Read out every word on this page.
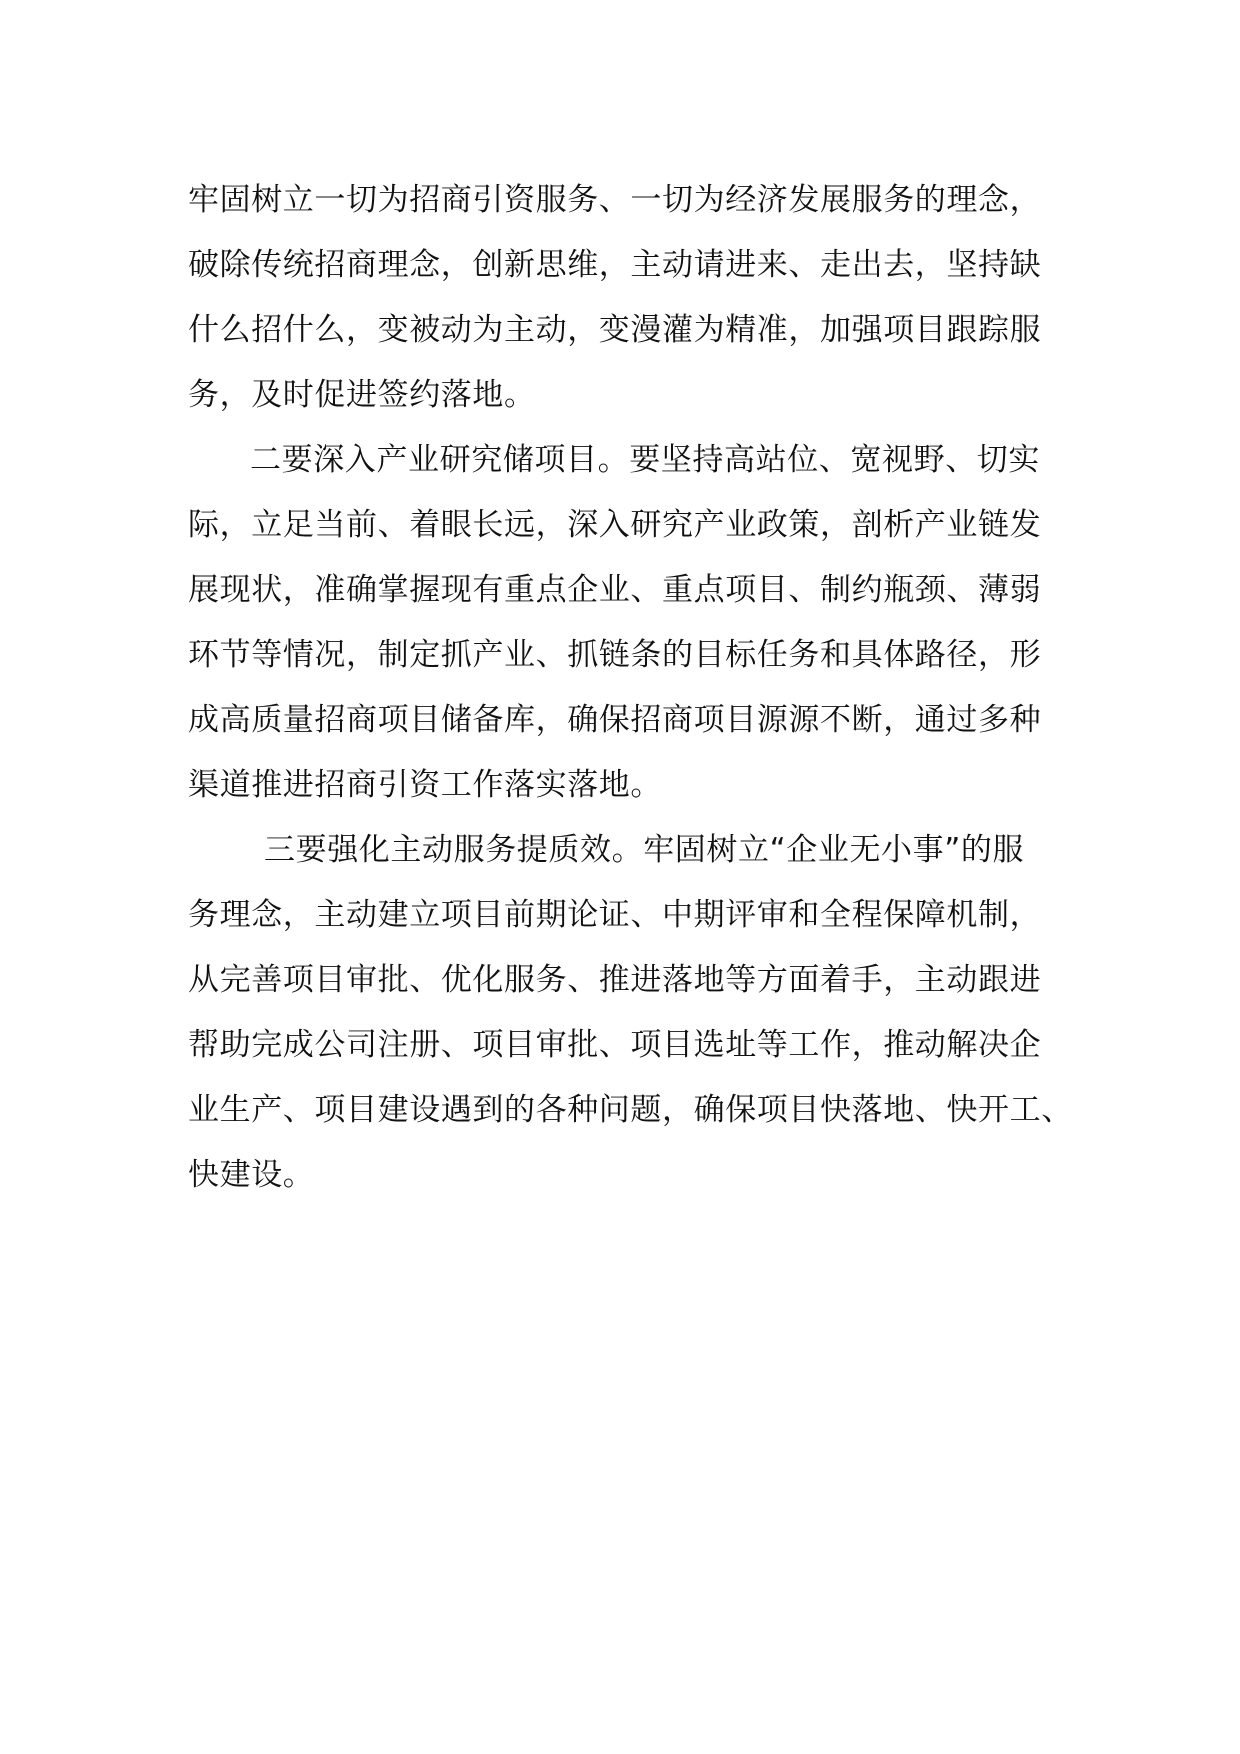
牢固树立一切为招商引资服务、一切为经济发展服务的理念，
破除传统招商理念，创新思维，主动请进来、走出去，坚持缺
什么招什么，变被动为主动，变漫灌为精准，加强项目跟踪服
务，及时促进签约落地。
二要深入产业研究储项目。要坚持高站位、宽视野、切实
际，立足当前、着眼长远，深入研究产业政策，剖析产业链发
展现状，准确掌握现有重点企业、重点项目、制约瓶颈、薄弱
环节等情况，制定抓产业、抓链条的目标任务和具体路径，形
成高质量招商项目储备库，确保招商项目源源不断，通过多种
渠道推进招商引资工作落实落地。
三要强化主动服务提质效。牢固树立“企业无小事”的服
务理念，主动建立项目前期论证、中期评审和全程保障机制，
从完善项目审批、优化服务、推进落地等方面着手，主动跟进
帮助完成公司注册、项目审批、项目选址等工作，推动解决企
业生产、项目建设遇到的各种问题，确保项目快落地、快开工、
快建设。
